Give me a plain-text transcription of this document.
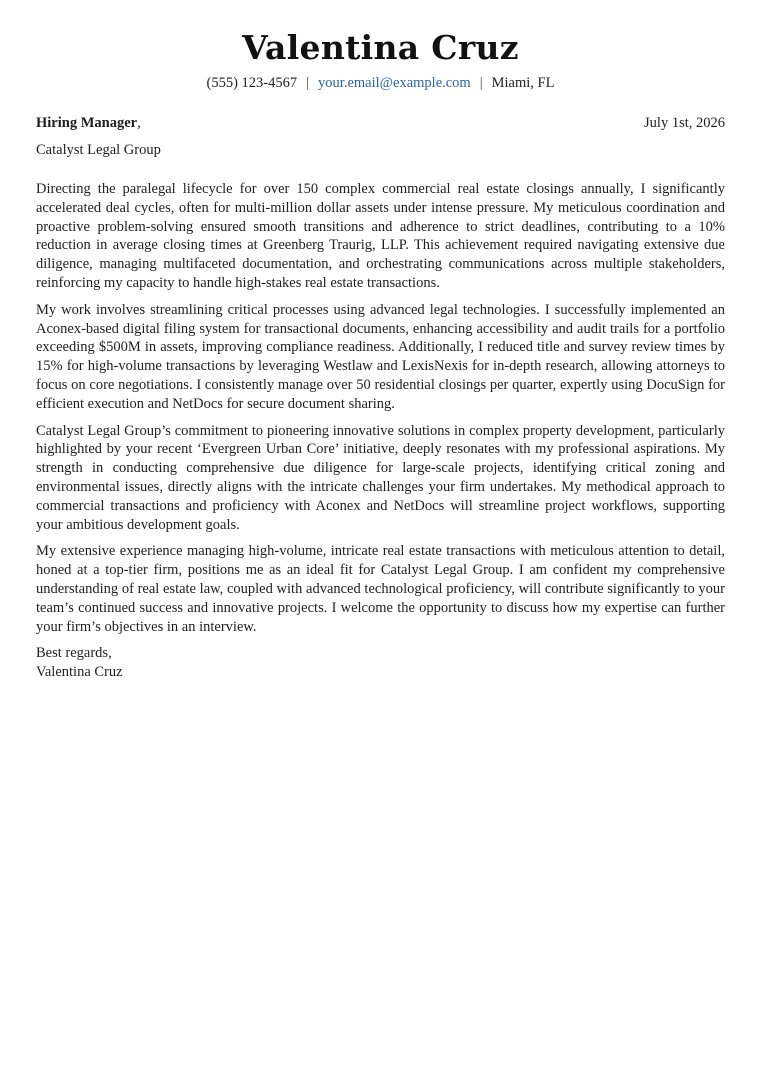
Valentina Cruz
(555) 123-4567 | your.email@example.com | Miami, FL
Hiring Manager,	July 1st, 2026
Catalyst Legal Group

Directing the paralegal lifecycle for over 150 complex commercial real estate closings annually, I significantly accelerated deal cycles, often for multi-million dollar assets under intense pressure. My meticulous coordination and proactive problem-solving ensured smooth transitions and adherence to strict deadlines, contributing to a 10% reduction in average closing times at Greenberg Traurig, LLP. This achievement required navigating extensive due diligence, managing multifaceted documentation, and orchestrating communications across multiple stakeholders, reinforcing my capacity to handle high-stakes real estate transactions.

My work involves streamlining critical processes using advanced legal technologies. I successfully implemented an Aconex-based digital filing system for transactional documents, enhancing accessibility and audit trails for a portfolio exceeding $500M in assets, improving compliance readiness. Additionally, I reduced title and survey review times by 15% for high-volume transactions by leveraging Westlaw and LexisNexis for in-depth research, allowing attorneys to focus on core negotiations. I consistently manage over 50 residential closings per quarter, expertly using DocuSign for efficient execution and NetDocs for secure document sharing.

Catalyst Legal Group’s commitment to pioneering innovative solutions in complex property development, particularly highlighted by your recent ‘Evergreen Urban Core’ initiative, deeply resonates with my professional aspirations. My strength in conducting comprehensive due diligence for large-scale projects, identifying critical zoning and environmental issues, directly aligns with the intricate challenges your firm undertakes. My methodical approach to commercial transactions and proficiency with Aconex and NetDocs will streamline project workflows, supporting your ambitious development goals.

My extensive experience managing high-volume, intricate real estate transactions with meticulous attention to detail, honed at a top-tier firm, positions me as an ideal fit for Catalyst Legal Group. I am confident my comprehensive understanding of real estate law, coupled with advanced technological proficiency, will contribute significantly to your team’s continued success and innovative projects. I welcome the opportunity to discuss how my expertise can further your firm’s objectives in an interview.

Best regards,
Valentina Cruz
